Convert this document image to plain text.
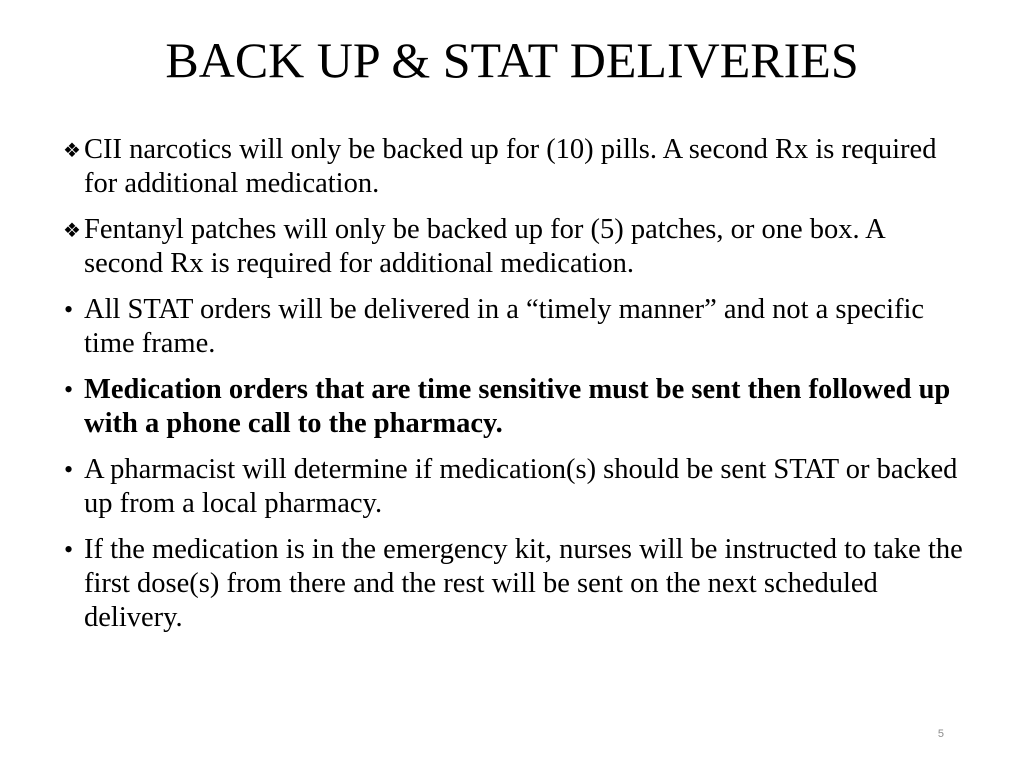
BACK UP & STAT DELIVERIES
❖ CII narcotics will only be backed up for (10) pills. A second Rx is required for additional medication.
❖ Fentanyl patches will only be backed up for (5) patches, or one box. A second Rx is required for additional medication.
• All STAT orders will be delivered in a “timely manner” and not a specific time frame.
• Medication orders that are time sensitive must be sent then followed up with a phone call to the pharmacy.
• A pharmacist will determine if medication(s) should be sent STAT or backed up from a local pharmacy.
• If the medication is in the emergency kit, nurses will be instructed to take the first dose(s) from there and the rest will be sent on the next scheduled delivery.
5
